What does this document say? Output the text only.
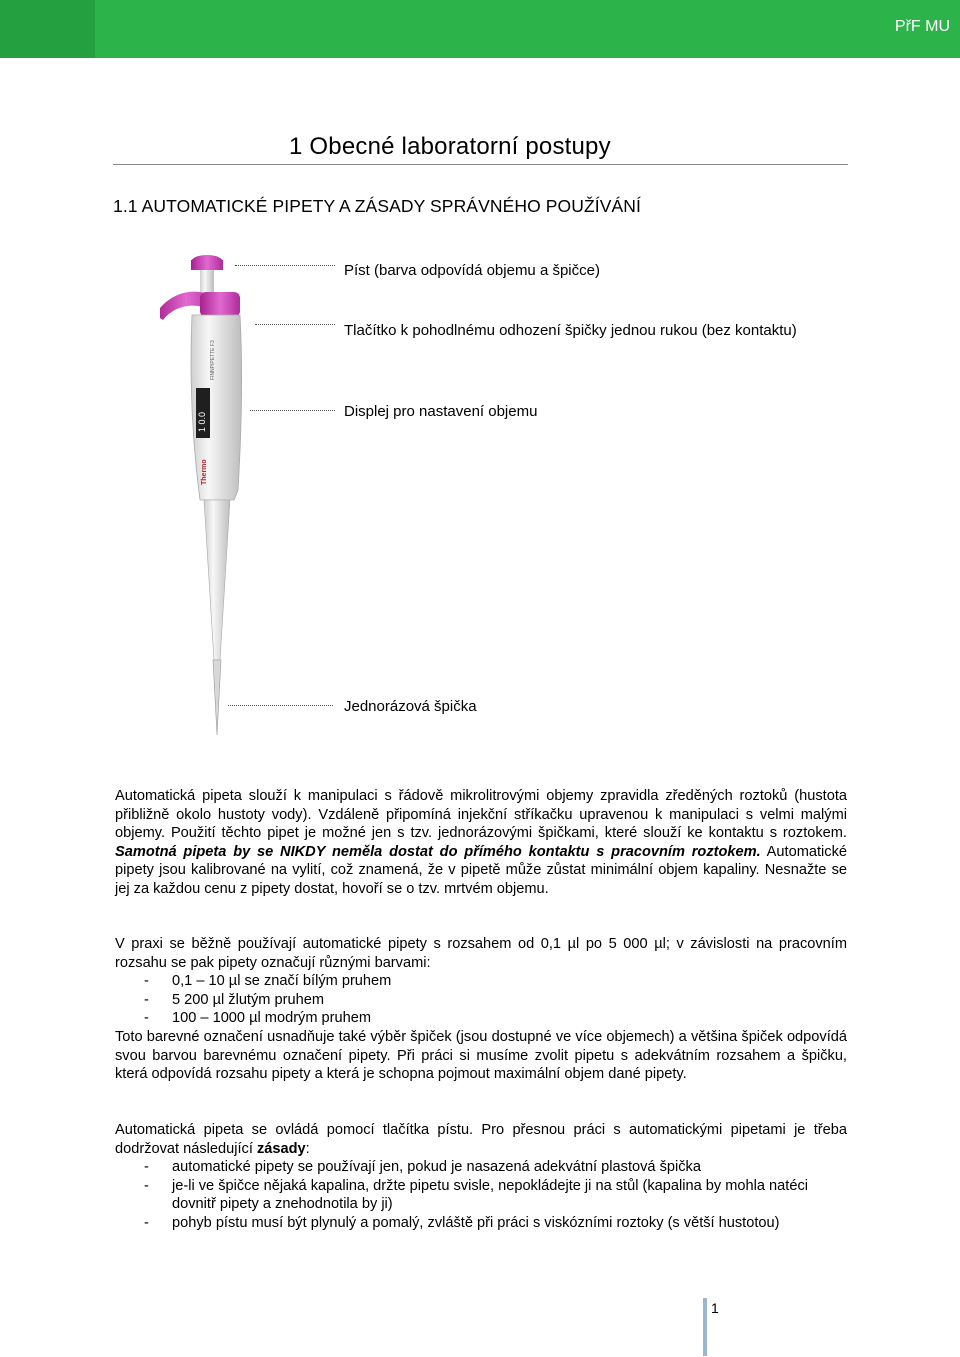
PřF MU
1 Obecné laboratorní postupy
1.1 AUTOMATICKÉ PIPETY A ZÁSADY SPRÁVNÉHO POUŽÍVÁNÍ
1 0.0
FINNPIPETTE F3
Thermo
Píst (barva odpovídá objemu a špičce)
Tlačítko k pohodlnému odhození špičky jednou rukou (bez kontaktu)
Displej pro nastavení objemu
Jednorázová špička

Automatická pipeta slouží k manipulaci s řádově mikrolitrovými objemy zpravidla zředěných roztoků (hustota přibližně okolo hustoty vody). Vzdáleně připomíná injekční stříkačku upravenou k manipulaci s velmi malými objemy. Použití těchto pipet je možné jen s tzv. jednorázovými špičkami, které slouží ke kontaktu s roztokem. Samotná pipeta by se NIKDY neměla dostat do přímého kontaktu s pracovním roztokem. Automatické pipety jsou kalibrované na vylití, což znamená, že v pipetě může zůstat minimální objem kapaliny. Nesnažte se jej za každou cenu z pipety dostat, hovoří se o tzv. mrtvém objemu.

V praxi se běžně používají automatické pipety s rozsahem od 0,1 µl po 5 000 µl; v závislosti na pracovním rozsahu se pak pipety označují různými barvami:

- 0,1 – 10 µl se značí bílým pruhem
- 5 200 µl žlutým pruhem
- 100 – 1000 µl modrým pruhem

Toto barevné označení usnadňuje také výběr špiček (jsou dostupné ve více objemech) a většina špiček odpovídá svou barvou barevnému označení pipety. Při práci si musíme zvolit pipetu s adekvátním rozsahem a špičku, která odpovídá rozsahu pipety a která je schopna pojmout maximální objem dané pipety.

Automatická pipeta se ovládá pomocí tlačítka pístu. Pro přesnou práci s automatickými pipetami je třeba dodržovat následující zásady:

- automatické pipety se používají jen, pokud je nasazená adekvátní plastová špička
- je-li ve špičce nějaká kapalina, držte pipetu svisle, nepokládejte ji na stůl (kapalina by mohla natéci dovnitř pipety a znehodnotila by ji)
- pohyb pístu musí být plynulý a pomalý, zvláště při práci s viskózními roztoky (s větší hustotou)
1
